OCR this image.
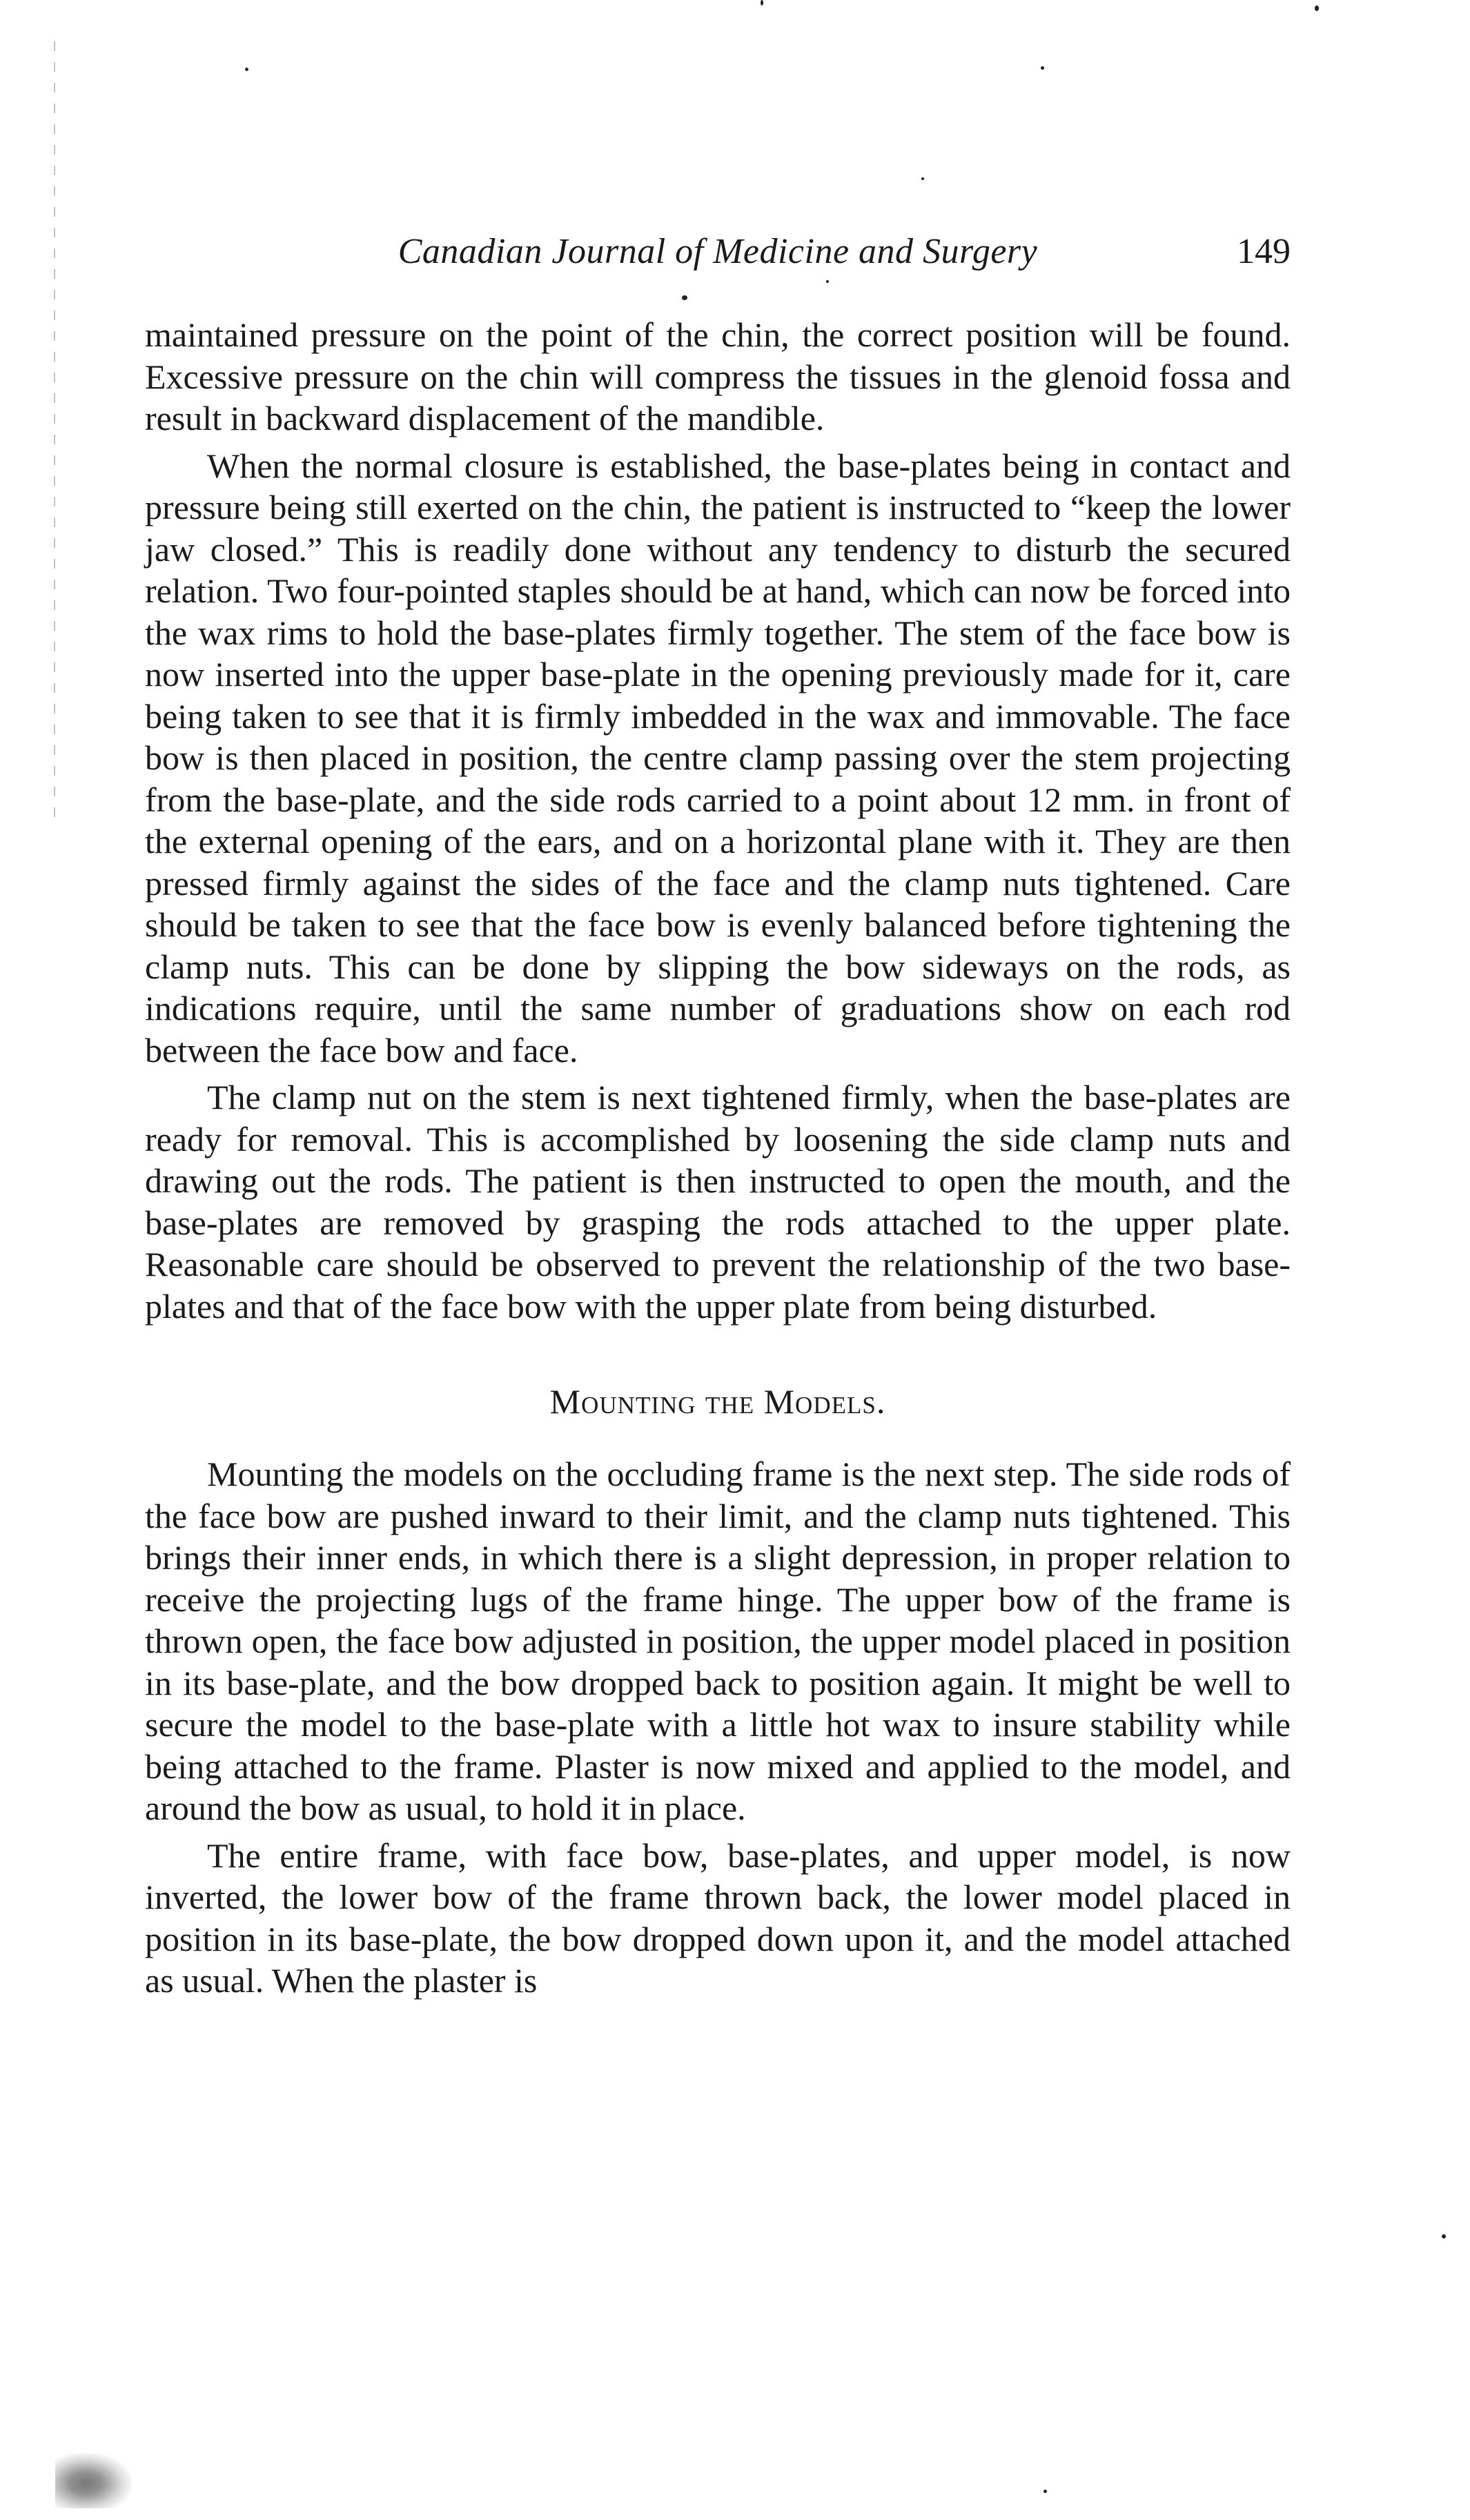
Canadian Journal of Medicine and Surgery	149

maintained pressure on the point of the chin, the correct position will be found. Excessive pressure on the chin will compress the tissues in the glenoid fossa and result in backward displacement of the mandible.

When the normal closure is established, the base-plates being in contact and pressure being still exerted on the chin, the patient is instructed to “keep the lower jaw closed.” This is readily done without any tendency to disturb the secured relation. Two four-pointed staples should be at hand, which can now be forced into the wax rims to hold the base-plates firmly together. The stem of the face bow is now inserted into the upper base-plate in the opening previously made for it, care being taken to see that it is firmly imbedded in the wax and immovable. The face bow is then placed in position, the centre clamp passing over the stem projecting from the base-plate, and the side rods carried to a point about 12 mm. in front of the external opening of the ears, and on a horizontal plane with it. They are then pressed firmly against the sides of the face and the clamp nuts tightened. Care should be taken to see that the face bow is evenly balanced before tightening the clamp nuts. This can be done by slipping the bow sideways on the rods, as indications require, until the same number of graduations show on each rod between the face bow and face.

The clamp nut on the stem is next tightened firmly, when the base-plates are ready for removal. This is accomplished by loosening the side clamp nuts and drawing out the rods. The patient is then instructed to open the mouth, and the base-plates are removed by grasping the rods attached to the upper plate. Reasonable care should be observed to prevent the relationship of the two base-plates and that of the face bow with the upper plate from being disturbed.

Mounting the Models.

Mounting the models on the occluding frame is the next step. The side rods of the face bow are pushed inward to their limit, and the clamp nuts tightened. This brings their inner ends, in which there is a slight depression, in proper relation to receive the projecting lugs of the frame hinge. The upper bow of the frame is thrown open, the face bow adjusted in position, the upper model placed in position in its base-plate, and the bow dropped back to position again. It might be well to secure the model to the base-plate with a little hot wax to insure stability while being attached to the frame. Plaster is now mixed and applied to the model, and around the bow as usual, to hold it in place.

The entire frame, with face bow, base-plates, and upper model, is now inverted, the lower bow of the frame thrown back, the lower model placed in position in its base-plate, the bow dropped down upon it, and the model attached as usual. When the plaster is
